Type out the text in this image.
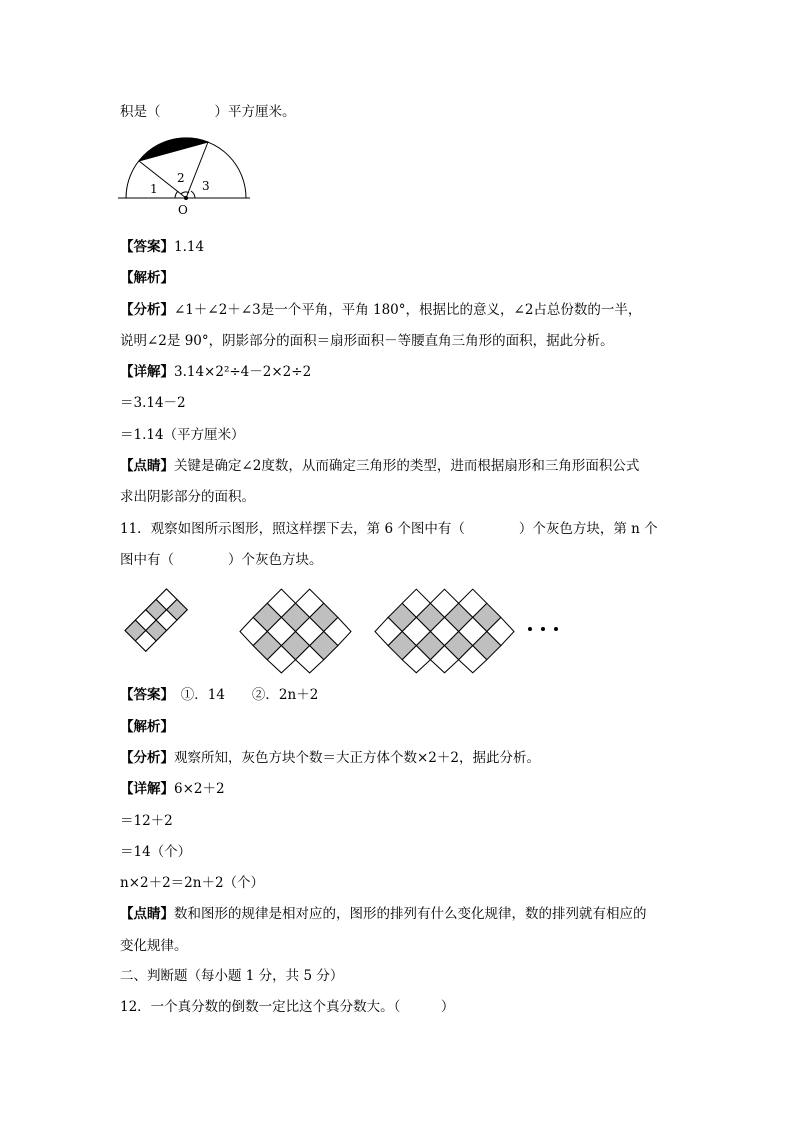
积是（　　　　）平方厘米。
1
2
3
O
【答案】1.14
【解析】
【分析】∠1＋∠2＋∠3是一个平角，平角 180°，根据比的意义，∠2占总份数的一半，
说明∠2是 90°，阴影部分的面积＝扇形面积－等腰直角三角形的面积，据此分析。
【详解】3.14×2²÷4－2×2÷2
＝3.14－2
＝1.14（平方厘米）
【点睛】关键是确定∠2度数，从而确定三角形的类型，进而根据扇形和三角形面积公式
求出阴影部分的面积。
11．观察如图所示图形，照这样摆下去，第 6 个图中有（　　　　）个灰色方块，第 n 个
图中有（　　　　）个灰色方块。
【答案】　①．14　　②．2n＋2
【解析】
【分析】观察所知，灰色方块个数＝大正方体个数×2＋2，据此分析。
【详解】6×2＋2
＝12＋2
＝14（个）
n×2＋2＝2n＋2（个）
【点睛】数和图形的规律是相对应的，图形的排列有什么变化规律，数的排列就有相应的
变化规律。
二、判断题（每小题 1 分，共 5 分）
12．一个真分数的倒数一定比这个真分数大。（　　　）
